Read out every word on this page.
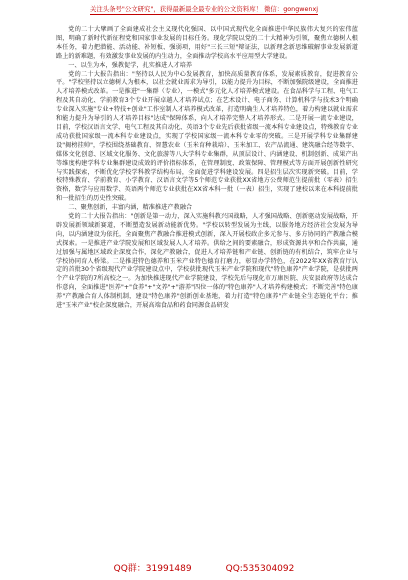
关注头条号"公文研究"，获得最新最全最专业的公文资料库！ 微信：gongwenxj

党的二十大擘画了全面建成社会主义现代化强国、以中国式现代化全面推进中华民族伟大复兴的宏伟蓝图，明确了新时代新征程党和国家事业发展的目标任务。现化学院以党的二十大精神为引领，聚焦立德树人根本任务，着力把潜能、活动能、补短板、强弱项，用好"三长三短"辩证法，以新理念新思维破解事业发展新道路上的新难题，有效激发事业发展的内生动力，全面推动学校高水平应用型大学建设。

一、以生为本，强教促学，扎实推进人才培养

党的二十大报告指出："坚持以人民为中心发展教育，加快高质量教育体系，发展素质教育，促进教育公平。"学校坚持以立德树人为根本，以社会就业需求为导引，以能力提升为目标，不断加强院级建设，全面推进人才培养模式改革。一是推进"一集群（专业），一模式"多元化人才培养模式建设。在食品科学与工程、电气工程及其自动化、学前教育3个专业开展卓越人才培养试点；在艺术设计、电子商务、计算机科学与技术3个明确专业深入实施"专业+特技+创业"工作室制人才培养模式改革，打造明确生人才培养特色，着力构建以就业需求和能力提升为导引的人才培养目标"达成"保障体系，向人才培养完整人才培养形式。二是开展一流专业建设，目前，学校汉语言文学、电气工程及其自动化、英语3个专业先后获批省级一流本科专业建设点，特殊教育专业成功获批国家级一流本科专业建设点，实现了学校国家级一流本科专业零的突破。三是开展学科专业集群建设"揭榜挂帅"，学校围绕基础教育、智慧农业（玉米育种栽培）、玉米加工、农产品流通、建筑融合经等数字、媒体文化创意、区域文化服务、文化旅游等八大学科专业集群，从顶层设计、内涵建设、机制创新、成果产出等维度构建学科专业集群建设成效的评价指标体系，在管理制度、政策保障、管理模式等方面开展创新性研究与实践探索，不断优化学校学科教学结构布局，全面促进学科建设发展。四是招生层次实现新突破。目前，学校特殊教育、学前教育、小学教育、汉语言文学等5个师范专业获批XX省地方公费师范生提前批（零表）招生资格，数学与应用数学、英语两个师范专业获批在XX省本科一批（一表）招生，实现了建校以来在本科提前批和一批招生的历史性突破。

二、聚焦创新，丰富内涵，精准推进产教融合

党的二十大报告指出："创新是第一动力，深入实施科教兴国战略，人才强国战略、创新驱动发展战略，开辟发展新领域新赛道，不断塑造发展新动能新优势。"学校以转型发展为主线，以服务地方经济社会发展为导向，以内涵建设为依托，全面聚焦产教融合推进模式创新，深入开展校政企多元参与、多方协同的产教融合模式探索。一是推进产业学院发展和区域发展人人才培养。供给之间的要素融合，形成资源共享和合作共赢，通过加强与属地区域政企深度合作，深化产教融合，促进人才培养链和产业链、创新链的有机结合，筑牢企业与学校协同育人桥梁。二是推进特色德养和玉米产业特色德育打磨力，彰显办学特色，在2022年XX省教育厅认定的首批30个省级现代产业学院建设点中，学校获批现代玉米产业学院和现代"特色康养"产业学院，是获批两个产业学院的7所高校之一。为加快推进现代产业学院建设，学校先后与现化市万康医院、庆安县政府等达成合作意向，全面推进"医养"+"食养"+"文养"+"游养"四位一体的"特色康养"人才培养构建模式；不断完善"特色康养"产教融合育人体制机制，建设"特色康养"创新创业基地，着力打造"特色康养"产业链全生态链化平台；推进"玉米产业"校企深度融合，开展高端食品和药食同源食品研发

QQ群：31991489	QQ:535304092
